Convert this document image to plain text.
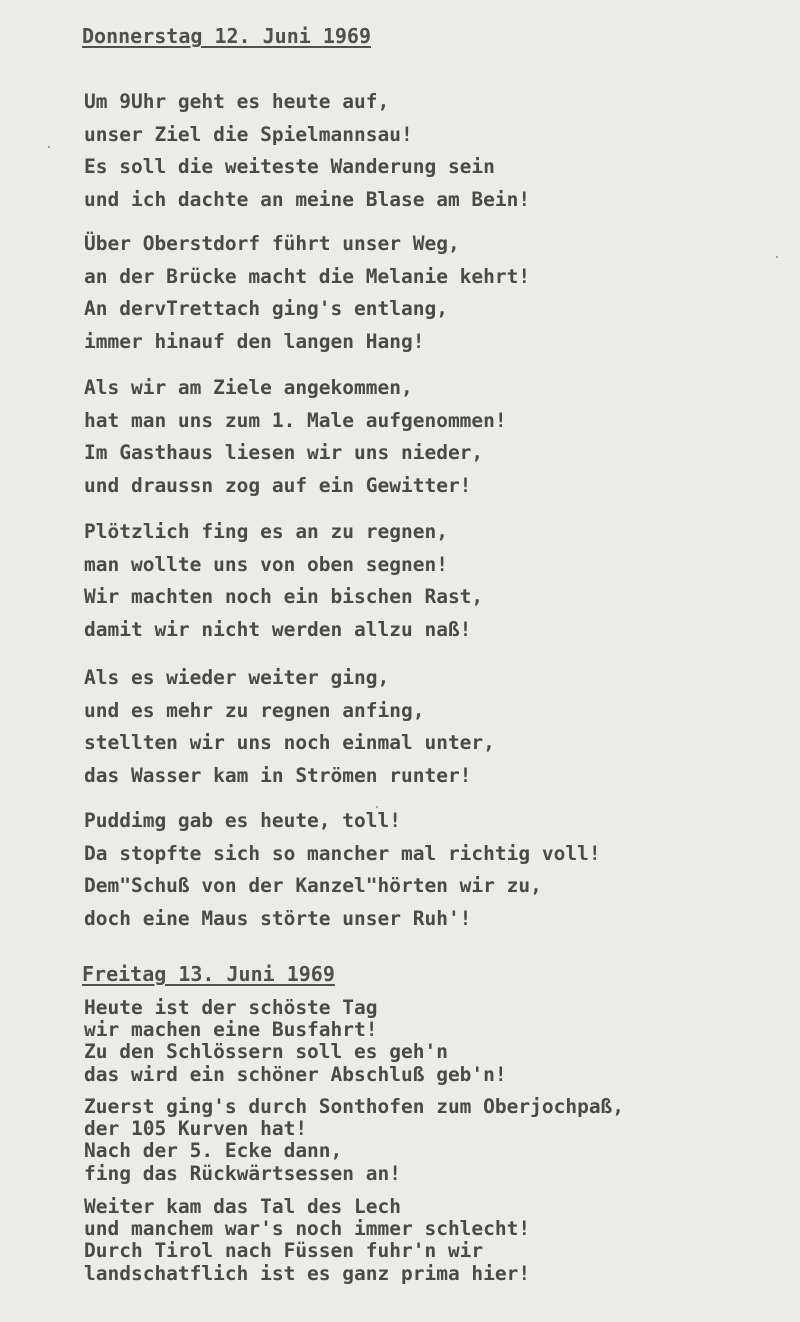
Donnerstag 12. Juni 1969
Um 9Uhr geht es heute auf,
unser Ziel die Spielmannsau!
Es soll die weiteste Wanderung sein
und ich dachte an meine Blase am Bein!
Über Oberstdorf führt unser Weg,
an der Brücke macht die Melanie kehrt!
An dervTrettach ging's entlang,
immer hinauf den langen Hang!
Als wir am Ziele angekommen,
hat man uns zum 1. Male aufgenommen!
Im Gasthaus liesen wir uns nieder,
und draussn zog auf ein Gewitter!
Plötzlich fing es an zu regnen,
man wollte uns von oben segnen!
Wir machten noch ein bischen Rast,
damit wir nicht werden allzu naß!
Als es wieder weiter ging,
und es mehr zu regnen anfing,
stellten wir uns noch einmal unter,
das Wasser kam in Strömen runter!
Puddimg gab es heute, toll!
Da stopfte sich so mancher mal richtig voll!
Dem"Schuß von der Kanzel"hörten wir zu,
doch eine Maus störte unser Ruh'!
Freitag 13. Juni 1969
Heute ist der schöste Tag
wir machen eine Busfahrt!
Zu den Schlössern soll es geh'n
das wird ein schöner Abschluß geb'n!
Zuerst ging's durch Sonthofen zum Oberjochpaß,
der 105 Kurven hat!
Nach der 5. Ecke dann,
fing das Rückwärtsessen an!
Weiter kam das Tal des Lech
und manchem war's noch immer schlecht!
Durch Tirol nach Füssen fuhr'n wir
landschatflich ist es ganz prima hier!
